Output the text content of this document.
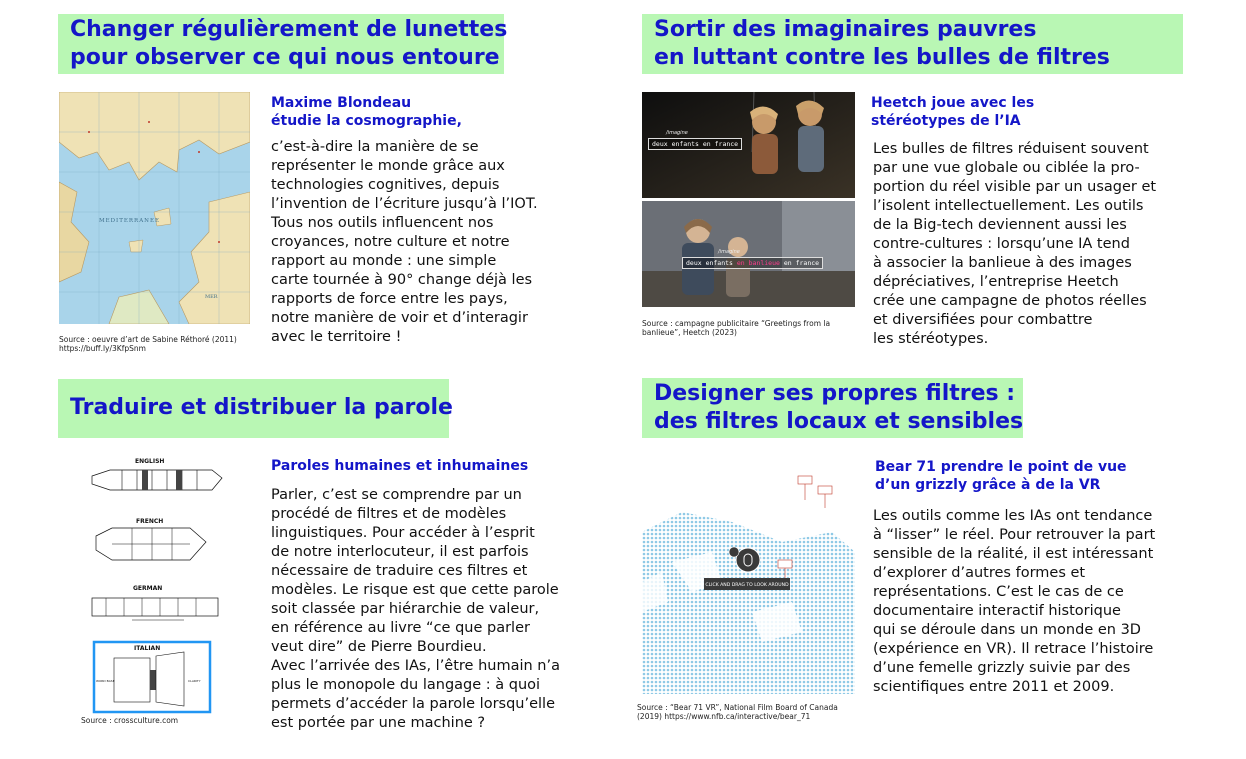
Changer régulièrement de lunettes
pour observer ce qui nous entoure
MEDITERRANEE
MER
Source : oeuvre d’art de Sabine Réthoré (2011)
https://buff.ly/3KfpSnm
Maxime Blondeau
étudie la cosmographie,
c’est-à-dire la manière de se
représenter le monde grâce aux
technologies cognitives, depuis
l’invention de l’écriture jusqu’à l’IOT.
Tous nos outils influencent nos
croyances, notre culture et notre
rapport au monde : une simple
carte tournée à 90° change déjà les
rapports de force entre les pays,
notre manière de voir et d’interagir
avec le territoire !
Sortir des imaginaires pauvres
en luttant contre les bulles de filtres
/imagine
deux enfants en france
/imagine
deux enfants en banlieue en france
Source : campagne publicitaire “Greetings from la
banlieue”, Heetch (2023)
Heetch joue avec les
stéréotypes de l’IA
Les bulles de filtres réduisent souvent
par une vue globale ou ciblée la pro-
portion du réel visible par un usager et
l’isolent intellectuellement. Les outils
de la Big-tech deviennent aussi les
contre-cultures : lorsqu’une IA tend
à associer la banlieue à des images
dépréciatives, l’entreprise Heetch
crée une campagne de photos réelles
et diversifiées pour combattre
les stéréotypes.
Traduire et distribuer la parole
ENGLISH
FRENCH
GERMAN
ITALIAN
WORD BASE	CLARITY
Source : crossculture.com
Paroles humaines et inhumaines
Parler, c’est se comprendre par un
procédé de filtres et de modèles
linguistiques. Pour accéder à l’esprit
de notre interlocuteur, il est parfois
nécessaire de traduire ces filtres et
modèles. Le risque est que cette parole
soit classée par hiérarchie de valeur,
en référence au livre “ce que parler
veut dire” de Pierre Bourdieu.
Avec l’arrivée des IAs, l’être humain n’a
plus le monopole du langage : à quoi
permets d’accéder la parole lorsqu’elle
est portée par une machine ?
Designer ses propres filtres :
des filtres locaux et sensibles
CLICK AND DRAG TO LOOK AROUND
Source : “Bear 71 VR”, National Film Board of Canada
(2019) https://www.nfb.ca/interactive/bear_71
Bear 71 prendre le point de vue
d’un grizzly grâce à de la VR
Les outils comme les IAs ont tendance
à “lisser” le réel. Pour retrouver la part
sensible de la réalité, il est intéressant
d’explorer d’autres formes et
représentations. C’est le cas de ce
documentaire interactif historique
qui se déroule dans un monde en 3D
(expérience en VR). Il retrace l’histoire
d’une femelle grizzly suivie par des
scientifiques entre 2011 et 2009.
